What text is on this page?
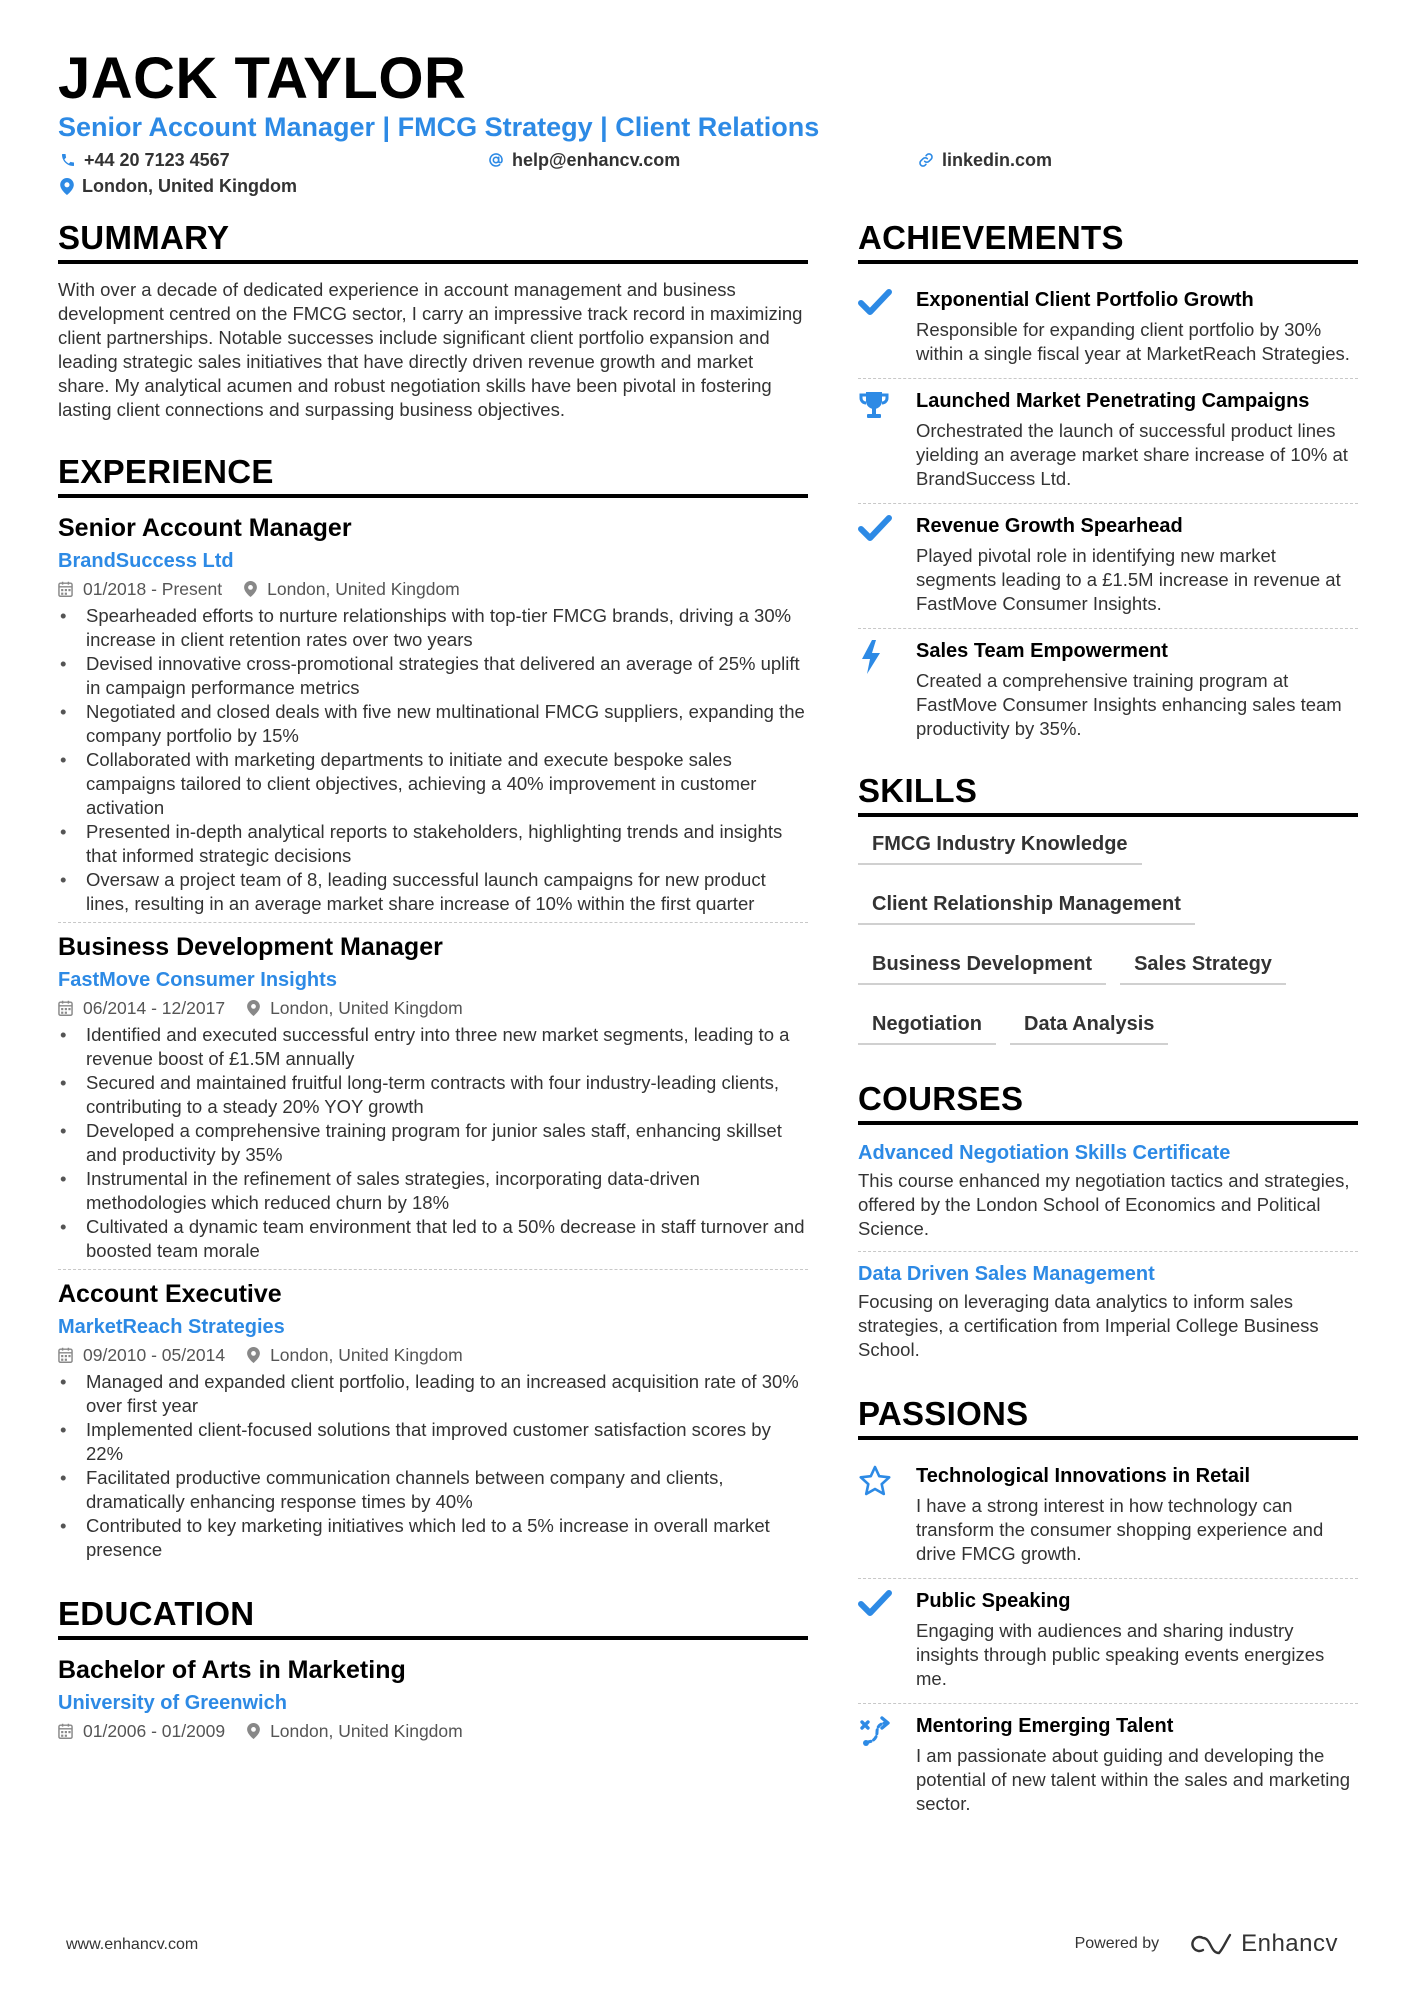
JACK TAYLOR
Senior Account Manager | FMCG Strategy | Client Relations
+44 20 7123 4567	help@enhancv.com	linkedin.com
London, United Kingdom
SUMMARY

With over a decade of dedicated experience in account management and business development centred on the FMCG sector, I carry an impressive track record in maximizing client partnerships. Notable successes include significant client portfolio expansion and leading strategic sales initiatives that have directly driven revenue growth and market share. My analytical acumen and robust negotiation skills have been pivotal in fostering lasting client connections and surpassing business objectives.

EXPERIENCE
Senior Account Manager
BrandSuccess Ltd
01/2018 - Present	London, United Kingdom
• Spearheaded efforts to nurture relationships with top-tier FMCG brands, driving a 30% increase in client retention rates over two years
• Devised innovative cross-promotional strategies that delivered an average of 25% uplift in campaign performance metrics
• Negotiated and closed deals with five new multinational FMCG suppliers, expanding the company portfolio by 15%
• Collaborated with marketing departments to initiate and execute bespoke sales campaigns tailored to client objectives, achieving a 40% improvement in customer activation
• Presented in-depth analytical reports to stakeholders, highlighting trends and insights that informed strategic decisions
• Oversaw a project team of 8, leading successful launch campaigns for new product lines, resulting in an average market share increase of 10% within the first quarter
Business Development Manager
FastMove Consumer Insights
06/2014 - 12/2017	London, United Kingdom
• Identified and executed successful entry into three new market segments, leading to a revenue boost of £1.5M annually
• Secured and maintained fruitful long-term contracts with four industry-leading clients, contributing to a steady 20% YOY growth
• Developed a comprehensive training program for junior sales staff, enhancing skillset and productivity by 35%
• Instrumental in the refinement of sales strategies, incorporating data-driven methodologies which reduced churn by 18%
• Cultivated a dynamic team environment that led to a 50% decrease in staff turnover and boosted team morale
Account Executive
MarketReach Strategies
09/2010 - 05/2014	London, United Kingdom
• Managed and expanded client portfolio, leading to an increased acquisition rate of 30% over first year
• Implemented client-focused solutions that improved customer satisfaction scores by 22%
• Facilitated productive communication channels between company and clients, dramatically enhancing response times by 40%
• Contributed to key marketing initiatives which led to a 5% increase in overall market presence
EDUCATION
Bachelor of Arts in Marketing
University of Greenwich
01/2006 - 01/2009	London, United Kingdom
ACHIEVEMENTS

Exponential Client Portfolio Growth

Responsible for expanding client portfolio by 30% within a single fiscal year at MarketReach Strategies.

Launched Market Penetrating Campaigns

Orchestrated the launch of successful product lines yielding an average market share increase of 10% at BrandSuccess Ltd.

Revenue Growth Spearhead

Played pivotal role in identifying new market segments leading to a £1.5M increase in revenue at FastMove Consumer Insights.

Sales Team Empowerment

Created a comprehensive training program at FastMove Consumer Insights enhancing sales team productivity by 35%.

SKILLS
FMCG Industry Knowledge
Client Relationship Management
Business Development	Sales Strategy
Negotiation	Data Analysis
COURSES

Advanced Negotiation Skills Certificate

This course enhanced my negotiation tactics and strategies, offered by the London School of Economics and Political Science.

Data Driven Sales Management

Focusing on leveraging data analytics to inform sales strategies, a certification from Imperial College Business School.

PASSIONS

Technological Innovations in Retail

I have a strong interest in how technology can transform the consumer shopping experience and drive FMCG growth.

Public Speaking

Engaging with audiences and sharing industry insights through public speaking events energizes me.

Mentoring Emerging Talent

I am passionate about guiding and developing the potential of new talent within the sales and marketing sector.

www.enhancv.com	Powered by	Enhancv
